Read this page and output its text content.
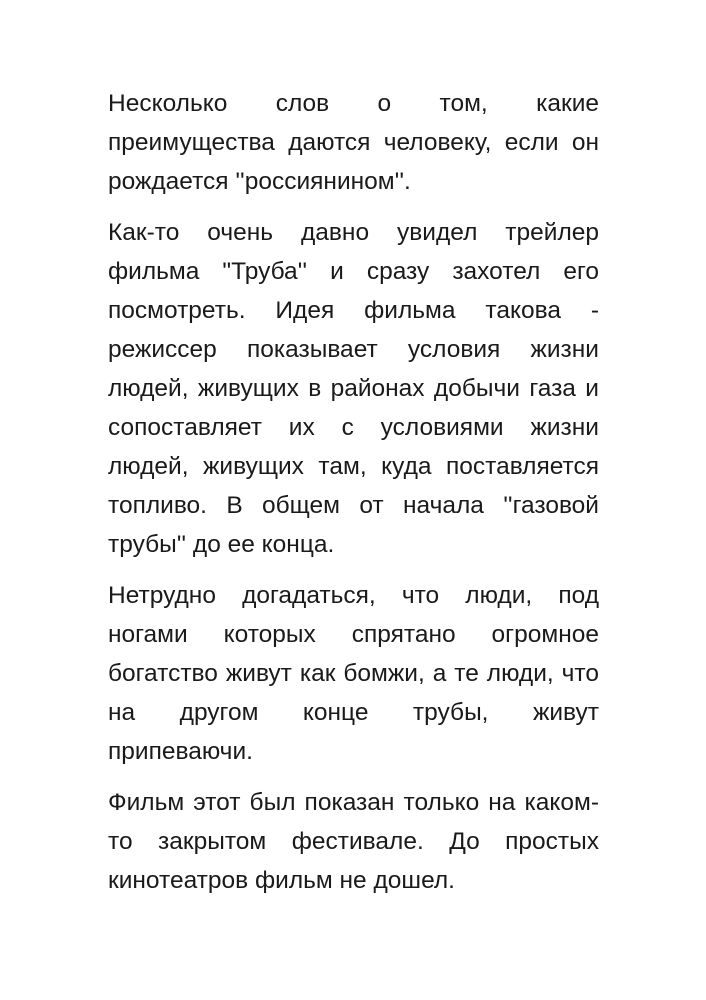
Несколько слов о том, какие преимущества даются человеку, если он рождается ''россиянином''.

Как-то очень давно увидел трейлер фильма "Труба'' и сразу захотел его посмотреть. Идея фильма такова - режиссер показывает условия жизни людей, живущих в районах добычи газа и сопоставляет их с условиями жизни людей, живущих там, куда поставляется топливо. В общем от начала ''газовой трубы'' до ее конца.

Нетрудно догадаться, что люди, под ногами которых спрятано огромное богатство живут как бомжи, а те люди, что на другом конце трубы, живут припеваючи.

Фильм этот был показан только на каком-то закрытом фестивале. До простых кинотеатров фильм не дошел.
